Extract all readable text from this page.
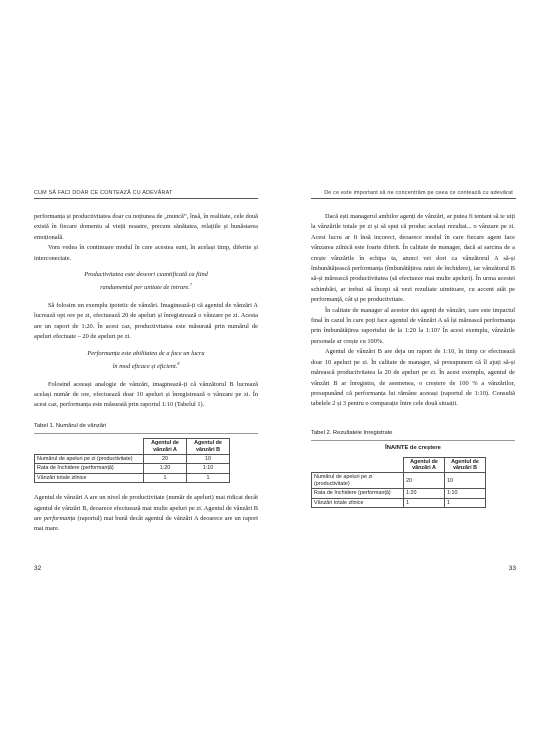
CUM SĂ FACI DOAR CE CONTEAZĂ CU ADEVĂRAT

performanța și productivitatea doar cu noțiunea de „muncă”, însă, în realitate, cele două există în fiecare domeniu al vieții noastre, precum sănătatea, relațiile și bunăstarea emoțională.

Vom vedea în continuare modul în care acestea sunt, în același timp, diferite și interconectate.

Productivitatea este deseori cuantificată ca fiind
randamentul per unitate de intrare.$^7$

Să folosim un exemplu ipotetic de vânzări. Imaginează-ți că agentul de vânzări A lucrează opt ore pe zi, efectuează 20 de apeluri și înregistrează o vânzare pe zi. Acesta are un raport de 1:20. În acest caz, productivitatea este măsurată prin numărul de apeluri efectuate – 20 de apeluri pe zi.

Performanța este abilitatea de a face un lucru
în mod eficace și eficient.$^8$

Folosind aceeași analogie de vânzări, imaginează-ți că vânzătorul B lucrează același număr de ore, efectuează doar 10 apeluri și înregistrează o vânzare pe zi. În acest caz, performanța este măsurată prin raportul 1:10 (Tabelul 1).

Tabel 1. Numărul de vânzări
	Agentul de vânzări A	Agentul de vânzări B
Numărul de apeluri pe zi (productivitate)	20	10
Rata de închidere (performanță)	1:20	1:10
Vânzări totale zilnice	1	1

Agentul de vânzări A are un nivel de productivitate (număr de apeluri) mai ridicat decât agentul de vânzări B, deoarece efectuează mai multe apeluri pe zi. Agentul de vânzări B are performanța (raportul) mai bună decât agentul de vânzări A deoarece are un raport mai mare.

32
De ce este important să ne concentrăm pe ceea ce contează cu adevărat

Dacă ești managerul ambilor agenți de vânzări, ar putea fi tentant să te uiți la vânzările totale pe zi și să spui că produc același rezultat... o vânzare pe zi. Acest lucru ar fi însă incorect, deoarece modul în care fiecare agent face vânzarea zilnică este foarte diferit. În calitate de manager, dacă ai sarcina de a crește vânzările în echipa ta, atunci vei dori ca vânzătorul A să-și îmbunătățească performanța (îmbunătățirea ratei de închidere), iar vânzătorul B să-și mărească productivitatea (să efectueze mai multe apeluri). În urma acestei schimbări, ar trebui să începi să vezi rezultate uimitoare, cu accent atât pe performanță, cât și pe productivitate.

În calitate de manager al acestor doi agenți de vânzări, care este impactul final în cazul în care poți face agentul de vânzări A să își mărească performanța prin îmbunătățirea raportului de la 1:20 la 1:10? În acest exemplu, vânzările personale ar crește cu 100%.

Agentul de vânzări B are deja un raport de 1:10, în timp ce efectuează doar 10 apeluri pe zi. În calitate de manager, să presupunem că îl ajuți să-și mărească productivitatea la 20 de apeluri pe zi. În acest exemplu, agentul de vânzări B ar înregistra, de asemenea, o creștere de 100 % a vânzărilor, presupunând că performanța lui rămâne aceeași (raportul de 1:10). Consultă tabelele 2 și 3 pentru o comparație între cele două situații.

Tabel 2. Rezultatele înregistrate
ÎNAINTE de creștere
	Agentul de vânzări A	Agentul de vânzări B
Numărul de apeluri pe zi (productivitate)	20	10
Rata de închidere (performanță)	1:20	1:10
Vânzări totale zilnice	1	1
33
